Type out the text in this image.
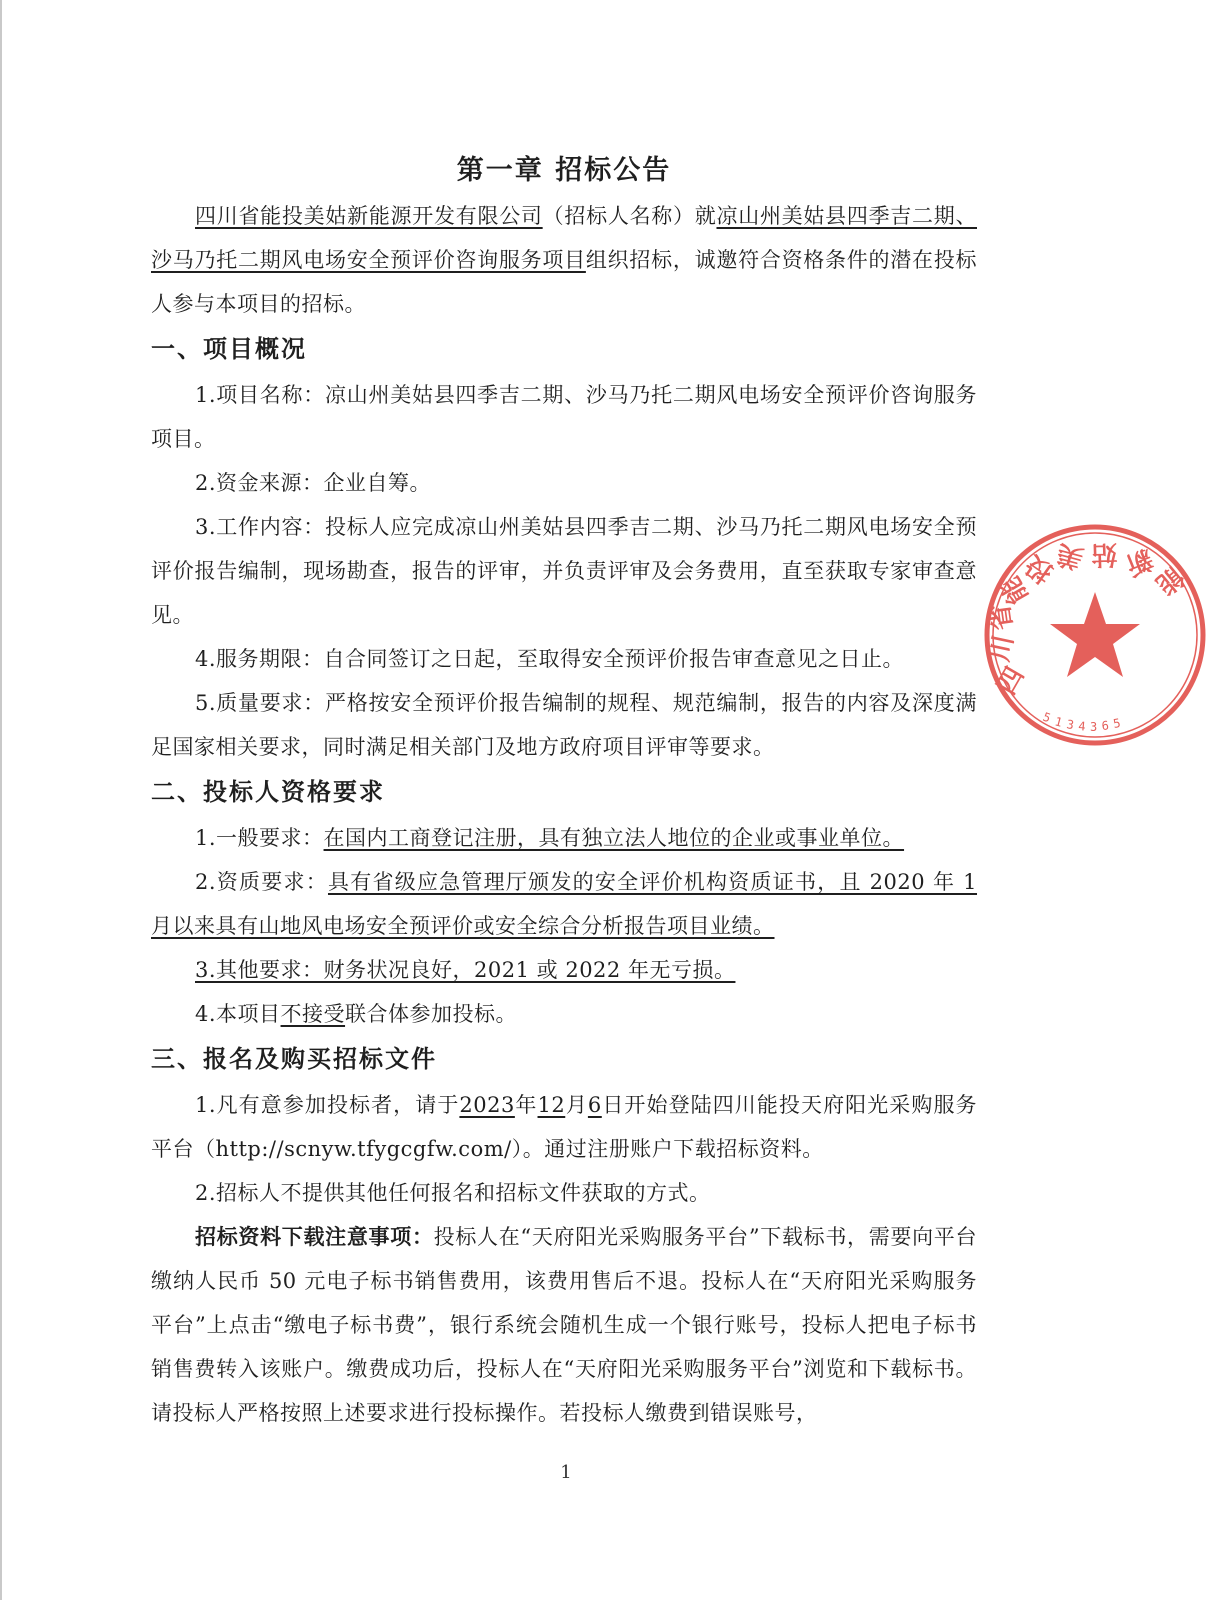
第一章 招标公告

四川省能投美姑新能源开发有限公司（招标人名称）就凉山州美姑县四季吉二期、沙马乃托二期风电场安全预评价咨询服务项目组织招标，诚邀符合资格条件的潜在投标人参与本项目的招标。

一、项目概况

1.项目名称：凉山州美姑县四季吉二期、沙马乃托二期风电场安全预评价咨询服务项目。

2.资金来源：企业自筹。

3.工作内容：投标人应完成凉山州美姑县四季吉二期、沙马乃托二期风电场安全预评价报告编制，现场勘查，报告的评审，并负责评审及会务费用，直至获取专家审查意见。

4.服务期限：自合同签订之日起，至取得安全预评价报告审查意见之日止。

5.质量要求：严格按安全预评价报告编制的规程、规范编制，报告的内容及深度满足国家相关要求，同时满足相关部门及地方政府项目评审等要求。

二、投标人资格要求

1.一般要求：在国内工商登记注册，具有独立法人地位的企业或事业单位。

2.资质要求：具有省级应急管理厅颁发的安全评价机构资质证书，且 2020 年 1 月以来具有山地风电场安全预评价或安全综合分析报告项目业绩。

3.其他要求：财务状况良好，2021 或 2022 年无亏损。

4.本项目不接受联合体参加投标。

三、报名及购买招标文件

1.凡有意参加投标者，请于2023年12月6日开始登陆四川能投天府阳光采购服务平台（http://scnyw.tfygcgfw.com/）。通过注册账户下载招标资料。

2.招标人不提供其他任何报名和招标文件获取的方式。

招标资料下载注意事项：投标人在“天府阳光采购服务平台”下载标书，需要向平台缴纳人民币 50 元电子标书销售费用，该费用售后不退。投标人在“天府阳光采购服务平台”上点击“缴电子标书费”，银行系统会随机生成一个银行账号，投标人把电子标书销售费转入该账户。缴费成功后，投标人在“天府阳光采购服务平台”浏览和下载标书。请投标人严格按照上述要求进行投标操作。若投标人缴费到错误账号，

1
四
川
省
能
投
美 姑 新
能
5 1 3 4 3 6 5
